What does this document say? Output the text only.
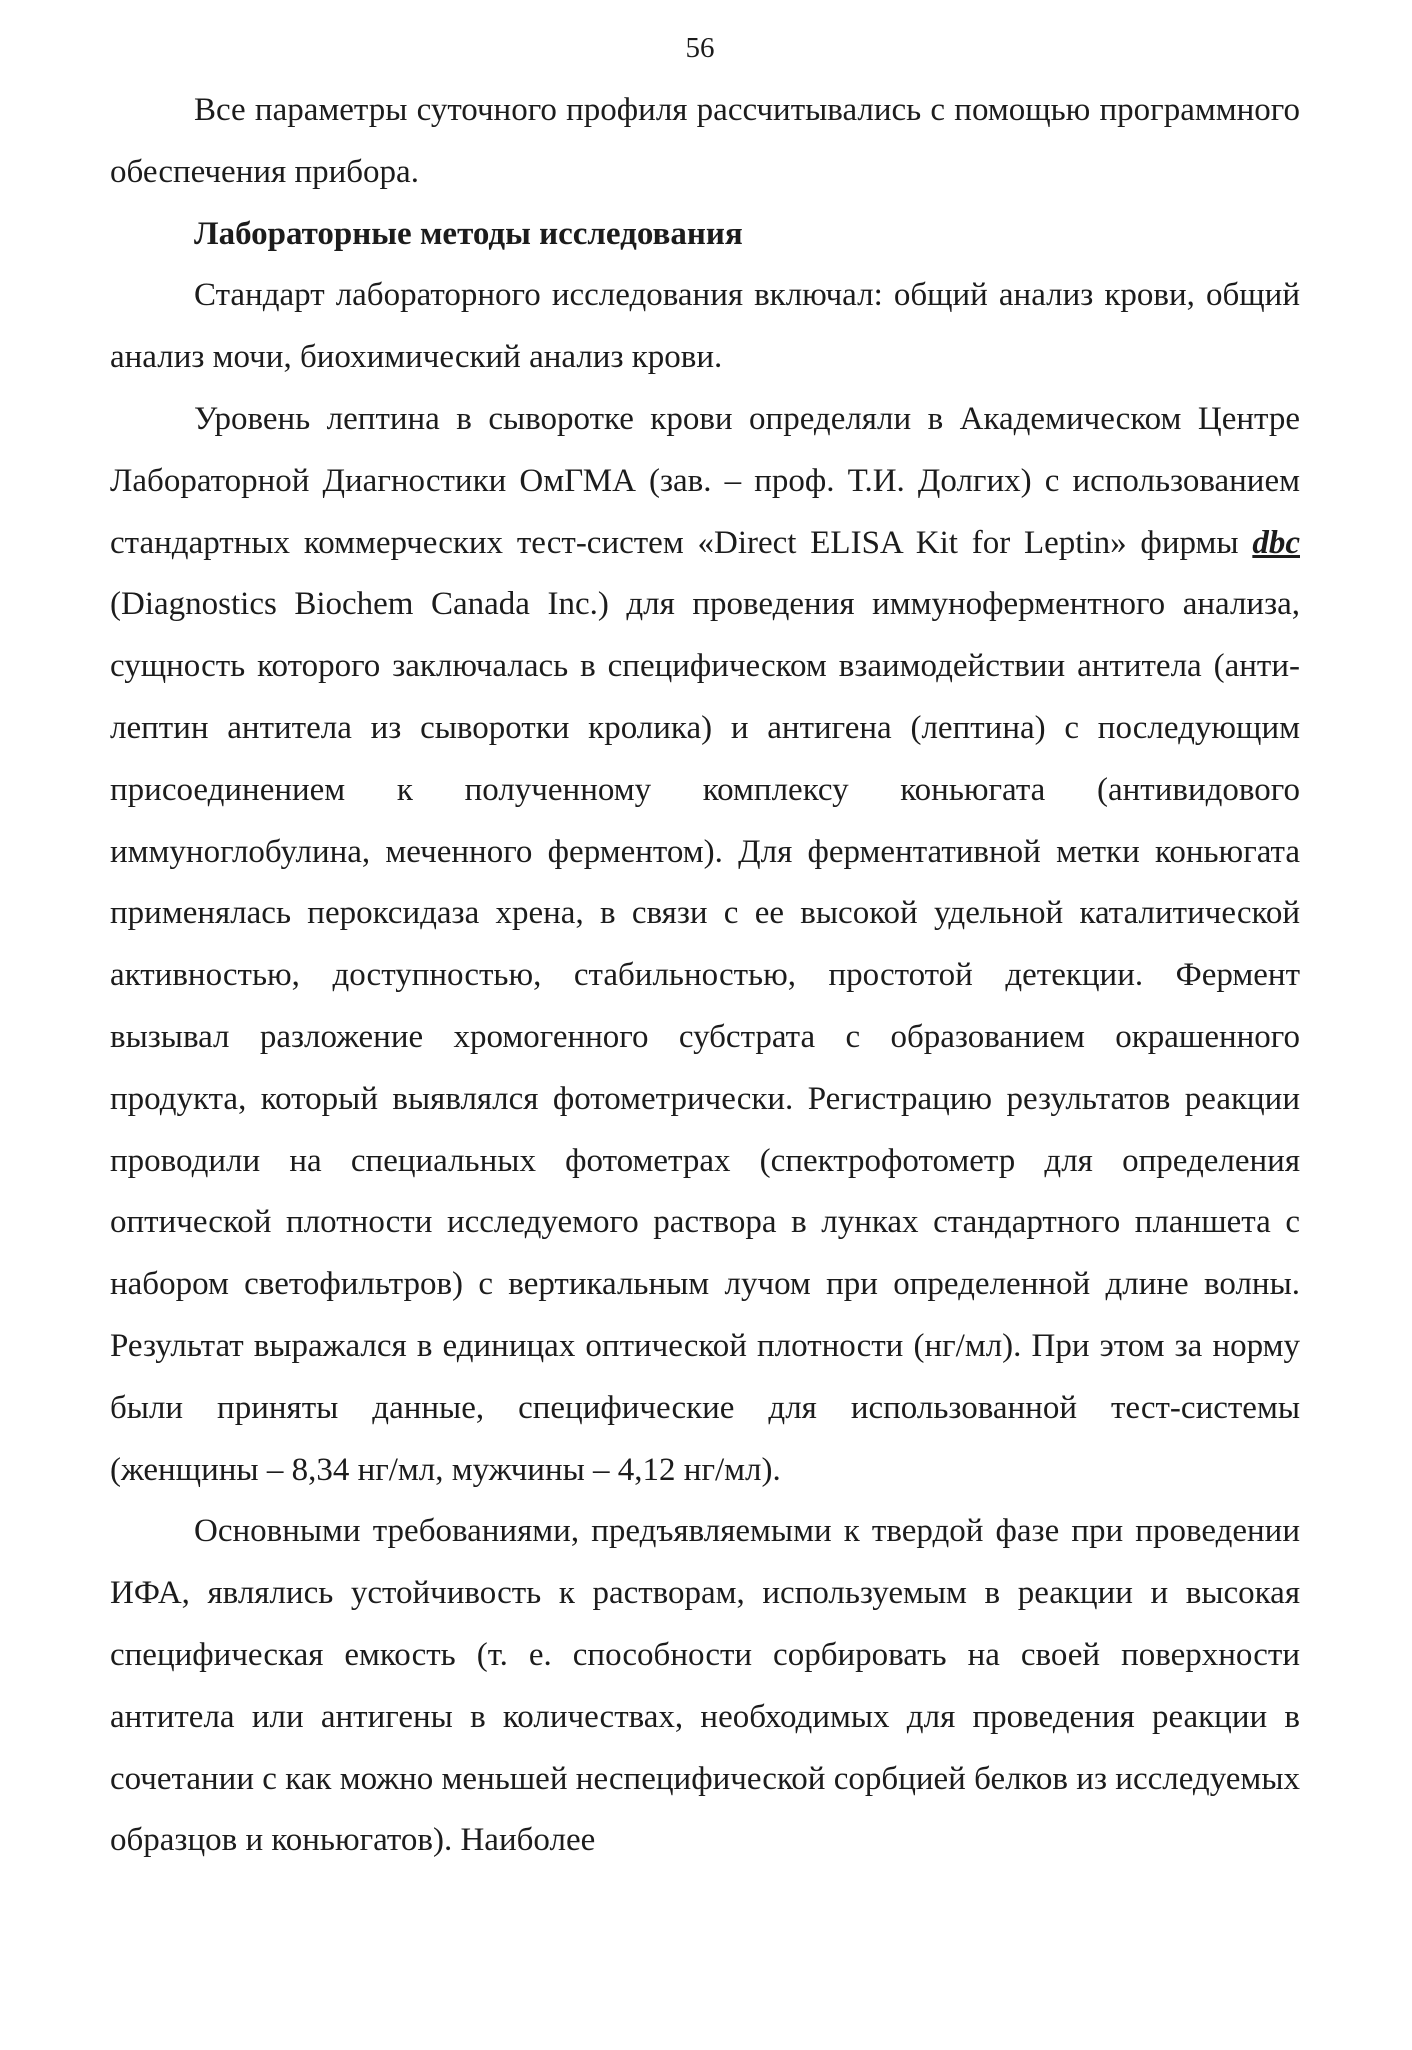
56

Все параметры суточного профиля рассчитывались с помощью программного обеспечения прибора.

Лабораторные методы исследования

Стандарт лабораторного исследования включал: общий анализ крови, общий анализ мочи, биохимический анализ крови.

Уровень лептина в сыворотке крови определяли в Академическом Центре Лабораторной Диагностики ОмГМА (зав. – проф. Т.И. Долгих) с использованием стандартных коммерческих тест-систем «Direct ELISA Kit for Leptin» фирмы dbc (Diagnostics Biochem Canada Inc.) для проведения иммуноферментного анализа, сущность которого заключалась в специфическом взаимодействии антитела (анти-лептин антитела из сыворотки кролика) и антигена (лептина) с последующим присоединением к полученному комплексу коньюгата (антивидового иммуноглобулина, меченного ферментом). Для ферментативной метки коньюгата применялась пероксидаза хрена, в связи с ее высокой удельной каталитической активностью, доступностью, стабильностью, простотой детекции. Фермент вызывал разложение хромогенного субстрата с образованием окрашенного продукта, который выявлялся фотометрически. Регистрацию результатов реакции проводили на специальных фотометрах (спектрофотометр для определения оптической плотности исследуемого раствора в лунках стандартного планшета с набором светофильтров) с вертикальным лучом при определенной длине волны. Результат выражался в единицах оптической плотности (нг/мл). При этом за норму были приняты данные, специфические для использованной тест-системы (женщины – 8,34 нг/мл, мужчины – 4,12 нг/мл).

Основными требованиями, предъявляемыми к твердой фазе при проведении ИФА, являлись устойчивость к растворам, используемым в реакции и высокая специфическая емкость (т. е. способности сорбировать на своей поверхности антитела или антигены в количествах, необходимых для проведения реакции в сочетании с как можно меньшей неспецифической сорбцией белков из исследуемых образцов и коньюгатов). Наиболее
